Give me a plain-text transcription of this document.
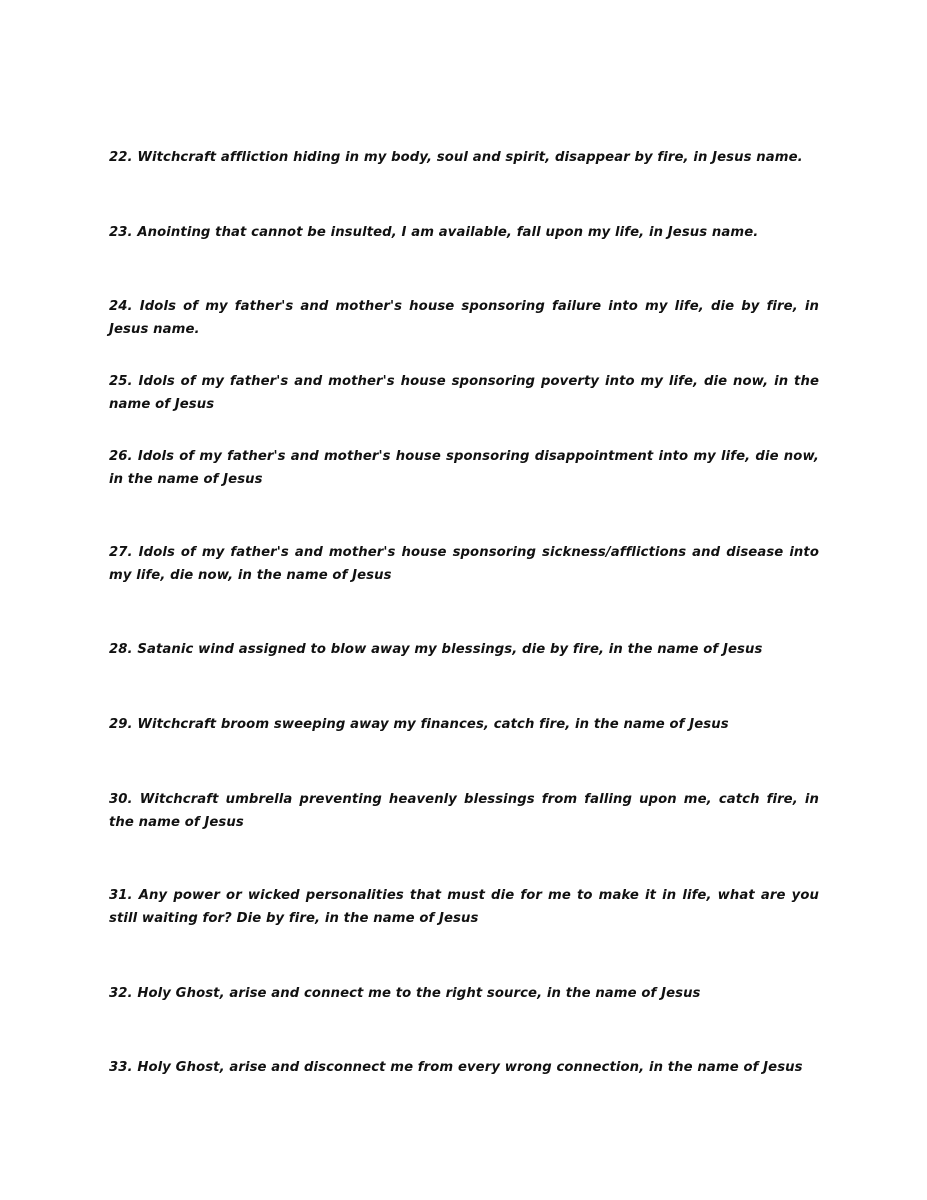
22. Witchcraft affliction hiding in my body, soul and spirit, disappear by fire, in Jesus name.

23. Anointing that cannot be insulted, I am available, fall upon my life, in Jesus name.

24. Idols of my father's and mother's house sponsoring failure into my life, die by fire, in Jesus name.

25. Idols of my father's and mother's house sponsoring poverty into my life, die now, in the name of Jesus

26. Idols of my father's and mother's house sponsoring disappointment into my life, die now, in the name of Jesus

27. Idols of my father's and mother's house sponsoring sickness/afflictions and disease into my life, die now, in the name of Jesus

28. Satanic wind assigned to blow away my blessings, die by fire, in the name of Jesus

29. Witchcraft broom sweeping away my finances, catch fire, in the name of Jesus

30. Witchcraft umbrella preventing heavenly blessings from falling upon me, catch fire, in the name of Jesus

31. Any power or wicked personalities that must die for me to make it in life, what are you still waiting for? Die by fire, in the name of Jesus

32. Holy Ghost, arise and connect me to the right source, in the name of Jesus

33. Holy Ghost, arise and disconnect me from every wrong connection, in the name of Jesus
